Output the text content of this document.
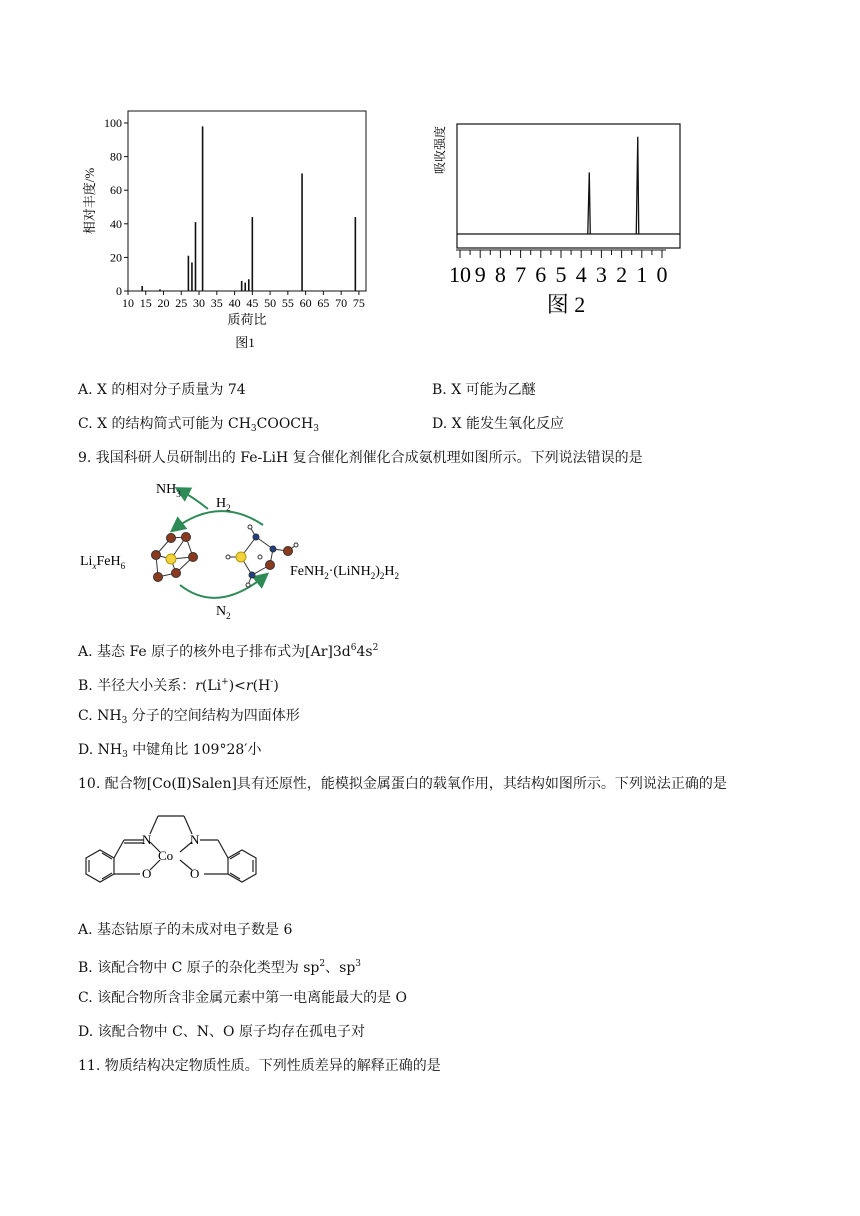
0
20
40
60
80
100
10 15 20 25 30 35 40 45 50 55 60 65 70 75
相对丰度/%
质荷比
图1
10 9 8 7 6 5 4 3 2 1 0
吸收强度
图 2
A. X 的相对分子质量为 74	B. X 可能为乙醚
C. X 的结构简式可能为 $CH_3COOCH_3$	D. X 能发生氧化反应
9. 我国科研人员研制出的 Fe-LiH 复合催化剂催化合成氨机理如图所示。下列说法错误的是
$NH_3$
$H_2$
$N_2$
$Li_xFeH_6$	$FeNH_2\cdot(LiNH_2)_2H_2$
A. 基态 Fe 原子的核外电子排布式为$[Ar]3d^64s^2$
B. 半径大小关系：r(Li+)<r(H-)
C. $NH_3$ 分子的空间结构为四面体形
D. $NH_3$ 中键角比 109°28′小
10. 配合物[Co(Ⅱ)Salen]具有还原性，能模拟金属蛋白的载氧作用，其结构如图所示。下列说法正确的是
N	N
Co
O	O
A. 基态钴原子的未成对电子数是 6
B. 该配合物中 C 原子的杂化类型为 $sp^2$、$sp^3$
C. 该配合物所含非金属元素中第一电离能最大的是 O
D. 该配合物中 C、N、O 原子均存在孤电子对
11. 物质结构决定物质性质。下列性质差异的解释正确的是
